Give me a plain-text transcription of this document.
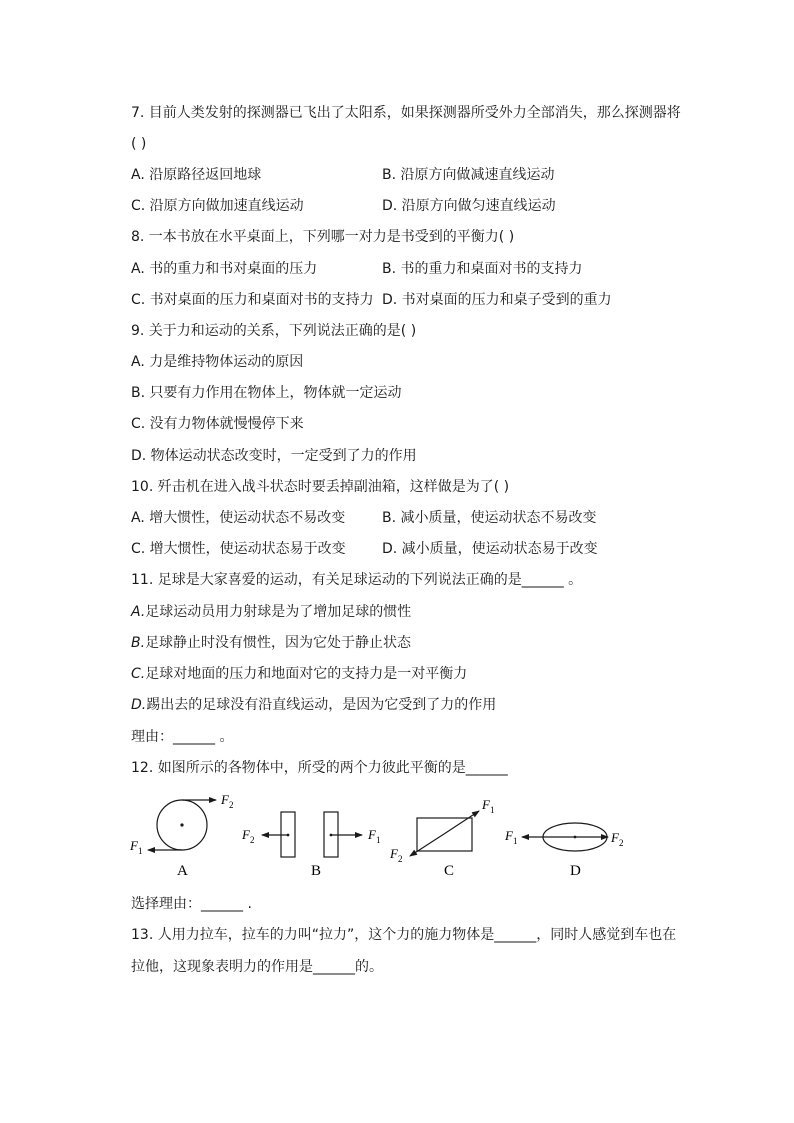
7. 目前人类发射的探测器已飞出了太阳系，如果探测器所受外力全部消失，那么探测器将
( )
A. 沿原路径返回地球	B. 沿原方向做减速直线运动
C. 沿原方向做加速直线运动	D. 沿原方向做匀速直线运动
8. 一本书放在水平桌面上，下列哪一对力是书受到的平衡力( )
A. 书的重力和书对桌面的压力	B. 书的重力和桌面对书的支持力
C. 书对桌面的压力和桌面对书的支持力 D. 书对桌面的压力和桌子受到的重力
9. 关于力和运动的关系，下列说法正确的是( )
A. 力是维持物体运动的原因
B. 只要有力作用在物体上，物体就一定运动
C. 没有力物体就慢慢停下来
D. 物体运动状态改变时，一定受到了力的作用
10. 歼击机在进入战斗状态时要丢掉副油箱，这样做是为了( )
A. 增大惯性，使运动状态不易改变	B. 减小质量，使运动状态不易改变
C. 增大惯性，使运动状态易于改变	D. 减小质量，使运动状态易于改变
11. 足球是大家喜爱的运动，有关足球运动的下列说法正确的是______ 。
A.足球运动员用力射球是为了增加足球的惯性
B.足球静止时没有惯性，因为它处于静止状态
C.足球对地面的压力和地面对它的支持力是一对平衡力
D.踢出去的足球没有沿直线运动，是因为它受到了力的作用
理由：______ 。
12. 如图所示的各物体中，所受的两个力彼此平衡的是______
$F_2$
$F_1$
A
$F_2$	$F_1$
B
$F_1$
$F_2$
C
$F_1$	$F_2$
D
选择理由：______ .
13. 人用力拉车，拉车的力叫“拉力”，这个力的施力物体是______，同时人感觉到车也在
拉他，这现象表明力的作用是______的。
